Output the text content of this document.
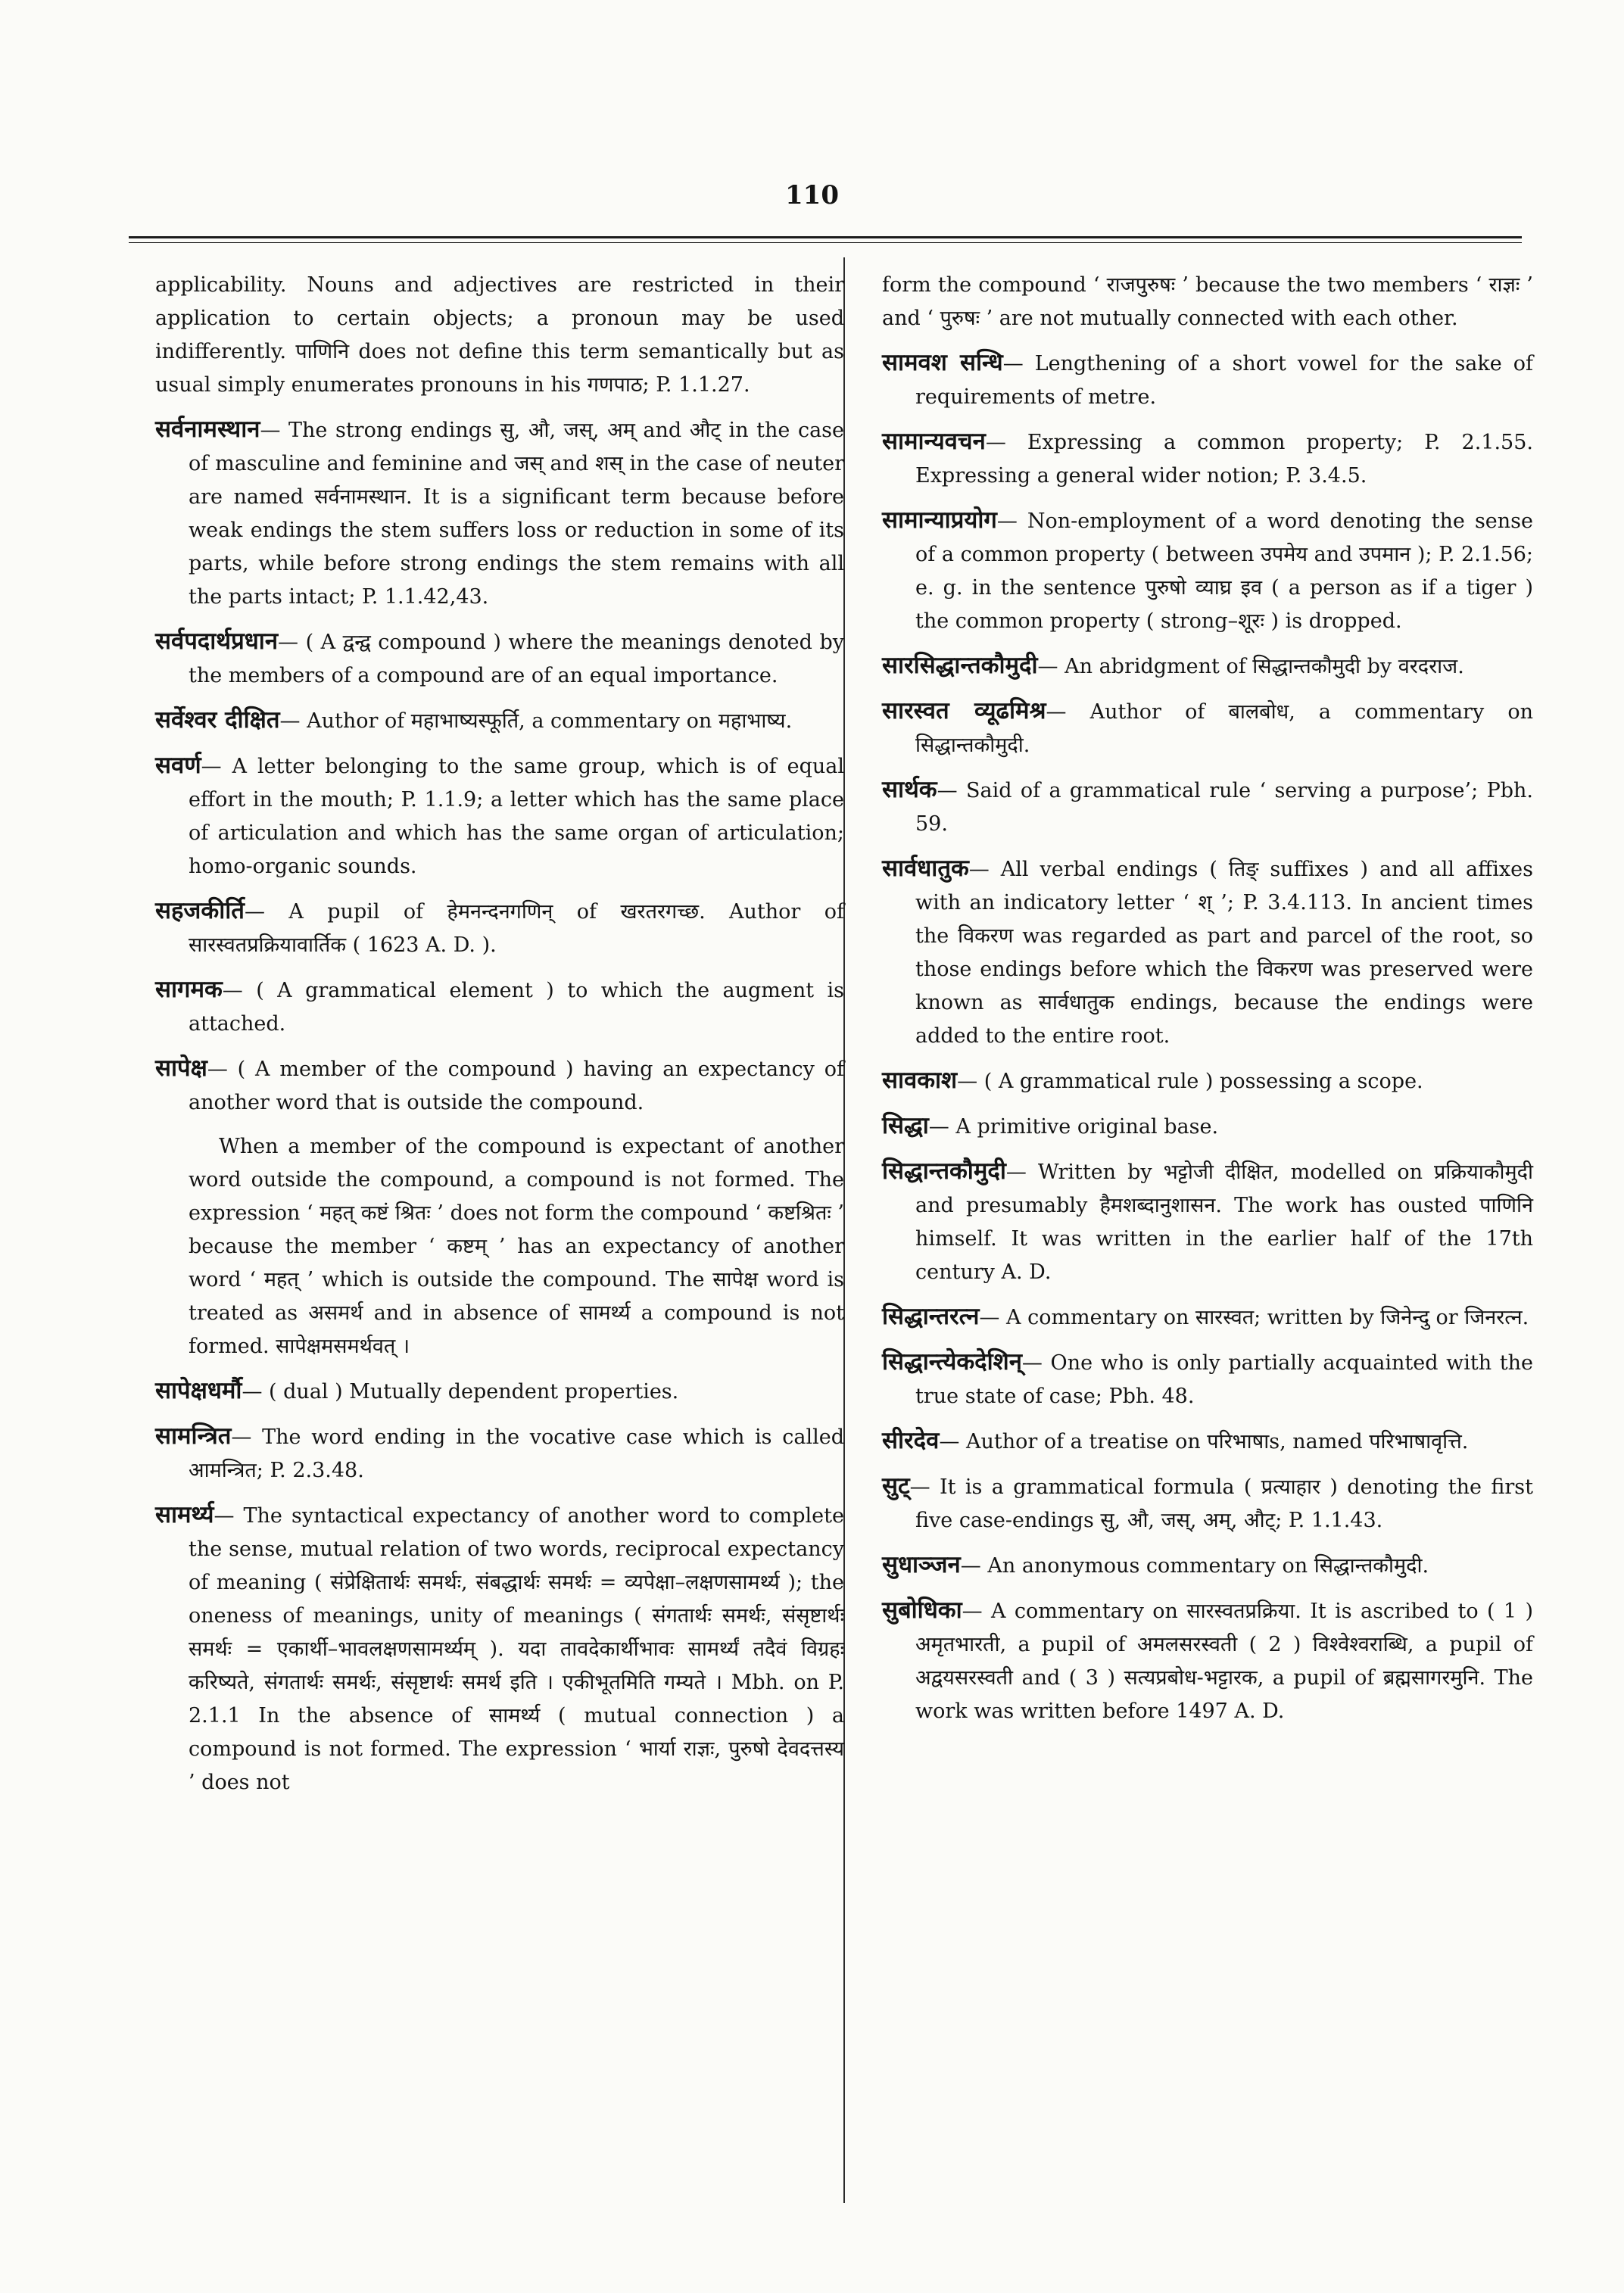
110

applicability. Nouns and adjectives are restricted in their application to certain objects; a pronoun may be used indifferently. पाणिनि does not define this term semantically but as usual simply enumerates pronouns in his गणपाठ; P. 1.1.27.

सर्वनामस्थान— The strong endings सु, औ, जस्, अम् and औट् in the case of masculine and feminine and जस् and शस् in the case of neuter are named सर्वनामस्थान. It is a significant term because before weak endings the stem suffers loss or reduction in some of its parts, while before strong endings the stem remains with all the parts intact; P. 1.1.42,43.

सर्वपदार्थप्रधान— ( A द्वन्द्व compound ) where the meanings denoted by the members of a compound are of an equal importance.

सर्वेश्वर दीक्षित— Author of महाभाष्यस्फूर्ति, a commentary on महाभाष्य.

सवर्ण— A letter belonging to the same group, which is of equal effort in the mouth; P. 1.1.9; a letter which has the same place of articulation and which has the same organ of articulation; homo-organic sounds.

सहजकीर्ति— A pupil of हेमनन्दनगणिन् of खरतरगच्छ. Author of सारस्वतप्रक्रियावार्तिक ( 1623 A. D. ).

सागमक— ( A grammatical element ) to which the augment is attached.

सापेक्ष— ( A member of the compound ) having an expectancy of another word that is outside the compound.

When a member of the compound is expectant of another word outside the compound, a compound is not formed. The expression ‘ महत् कष्टं श्रितः ’ does not form the compound ‘ कष्टश्रितः ’ because the member ‘ कष्टम् ’ has an expectancy of another word ‘ महत् ’ which is outside the compound. The सापेक्ष word is treated as असमर्थ and in absence of सामर्थ्य a compound is not formed. सापेक्षमसमर्थवत् ।

सापेक्षधर्मौ— ( dual ) Mutually dependent properties.

सामन्त्रित— The word ending in the vocative case which is called आमन्त्रित; P. 2.3.48.

सामर्थ्य— The syntactical expectancy of another word to complete the sense, mutual relation of two words, reciprocal expectancy of meaning ( संप्रेक्षितार्थः समर्थः, संबद्धार्थः समर्थः = व्यपेक्षा–लक्षणसामर्थ्य ); the oneness of meanings, unity of meanings ( संगतार्थः समर्थः, संसृष्टार्थः समर्थः = एकार्थी–भावलक्षणसामर्थ्यम् ). यदा तावदेकार्थीभावः सामर्थ्यं तदैवं विग्रहः करिष्यते, संगतार्थः समर्थः, संसृष्टार्थः समर्थ इति । एकीभूतमिति गम्यते । Mbh. on P. 2.1.1 In the absence of सामर्थ्य ( mutual connection ) a compound is not formed. The expression ‘ भार्या राज्ञः, पुरुषो देवदत्तस्य ’ does not

form the compound ‘ राजपुरुषः ’ because the two members ‘ राज्ञः ’ and ‘ पुरुषः ’ are not mutually connected with each other.

सामवश सन्धि— Lengthening of a short vowel for the sake of requirements of metre.

सामान्यवचन— Expressing a common property; P. 2.1.55. Expressing a general wider notion; P. 3.4.5.

सामान्याप्रयोग— Non-employment of a word denoting the sense of a common property ( between उपमेय and उपमान ); P. 2.1.56; e. g. in the sentence पुरुषो व्याघ्र इव ( a person as if a tiger ) the common property ( strong–शूरः ) is dropped.

सारसिद्धान्तकौमुदी— An abridgment of सिद्धान्तकौमुदी by वरदराज.

सारस्वत व्यूढमिश्र— Author of बालबोध, a commentary on सिद्धान्तकौमुदी.

सार्थक— Said of a grammatical rule ‘ serving a purpose’; Pbh. 59.

सार्वधातुक— All verbal endings ( तिङ् suffixes ) and all affixes with an indicatory letter ‘ श् ’; P. 3.4.113. In ancient times the विकरण was regarded as part and parcel of the root, so those endings before which the विकरण was preserved were known as सार्वधातुक endings, because the endings were added to the entire root.

सावकाश— ( A grammatical rule ) possessing a scope.

सिद्धा— A primitive original base.

सिद्धान्तकौमुदी— Written by भट्टोजी दीक्षित, modelled on प्रक्रियाकौमुदी and presumably हैमशब्दानुशासन. The work has ousted पाणिनि himself. It was written in the earlier half of the 17th century A. D.

सिद्धान्तरत्न— A commentary on सारस्वत; written by जिनेन्दु or जिनरत्न.

सिद्धान्त्येकदेशिन्— One who is only partially acquainted with the true state of case; Pbh. 48.

सीरदेव— Author of a treatise on परिभाषाs, named परिभाषावृत्ति.

सुट्— It is a grammatical formula ( प्रत्याहार ) denoting the first five case-endings सु, औ, जस्, अम्, औट्; P. 1.1.43.

सुधाञ्जन— An anonymous commentary on सिद्धान्तकौमुदी.

सुबोधिका— A commentary on सारस्वतप्रक्रिया. It is ascribed to ( 1 ) अमृतभारती, a pupil of अमलसरस्वती ( 2 ) विश्वेश्वराब्धि, a pupil of अद्वयसरस्वती and ( 3 ) सत्यप्रबोध-भट्टारक, a pupil of ब्रह्मसागरमुनि. The work was written before 1497 A. D.
